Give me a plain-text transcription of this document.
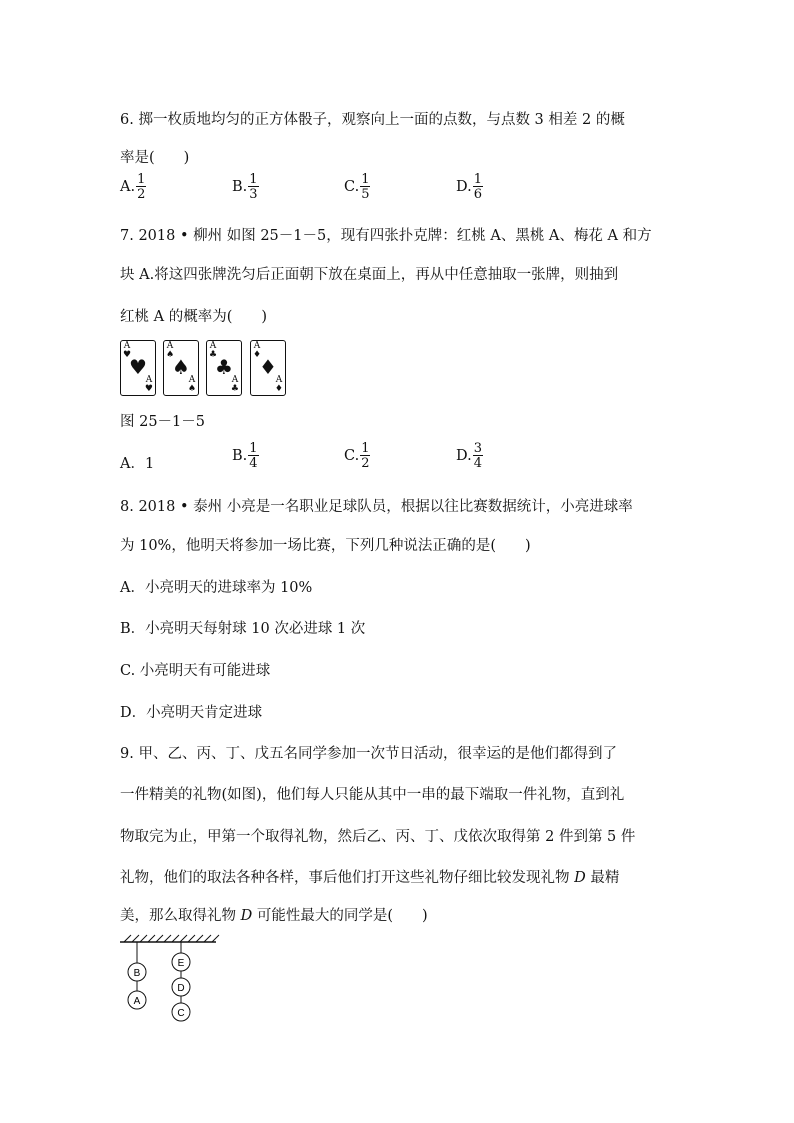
6. 掷一枚质地均匀的正方体骰子，观察向上一面的点数，与点数 3 相差 2 的概
率是(　　)
A. $\frac{1}{2}$	B. $\frac{1}{3}$	C. $\frac{1}{5}$	D. $\frac{1}{6}$
7. 2018 • 柳州 如图 25－1－5，现有四张扑克牌：红桃 A、黑桃 A、梅花 A 和方
块 A.将这四张牌洗匀后正面朝下放在桌面上，再从中任意抽取一张牌，则抽到
红桃 A 的概率为(　　)
A
♥
♥
A
♥
A
♠
♠
A
♠
A
♣
♣
A
♣
A
♦
♦
A
♦
图 25－1－5
A．1	B. $\frac{1}{4}$	C. $\frac{1}{2}$	D. $\frac{3}{4}$
8. 2018 • 泰州 小亮是一名职业足球队员，根据以往比赛数据统计，小亮进球率
为 10%，他明天将参加一场比赛，下列几种说法正确的是(　　)
A．小亮明天的进球率为 10%
B．小亮明天每射球 10 次必进球 1 次
C. 小亮明天有可能进球
D．小亮明天肯定进球
9. 甲、乙、丙、丁、戊五名同学参加一次节日活动，很幸运的是他们都得到了
一件精美的礼物(如图)，他们每人只能从其中一串的最下端取一件礼物，直到礼
物取完为止，甲第一个取得礼物，然后乙、丙、丁、戊依次取得第 2 件到第 5 件
礼物，他们的取法各种各样，事后他们打开这些礼物仔细比较发现礼物 D 最精
美，那么取得礼物 D 可能性最大的同学是(　　)
B
A
E
D
C
